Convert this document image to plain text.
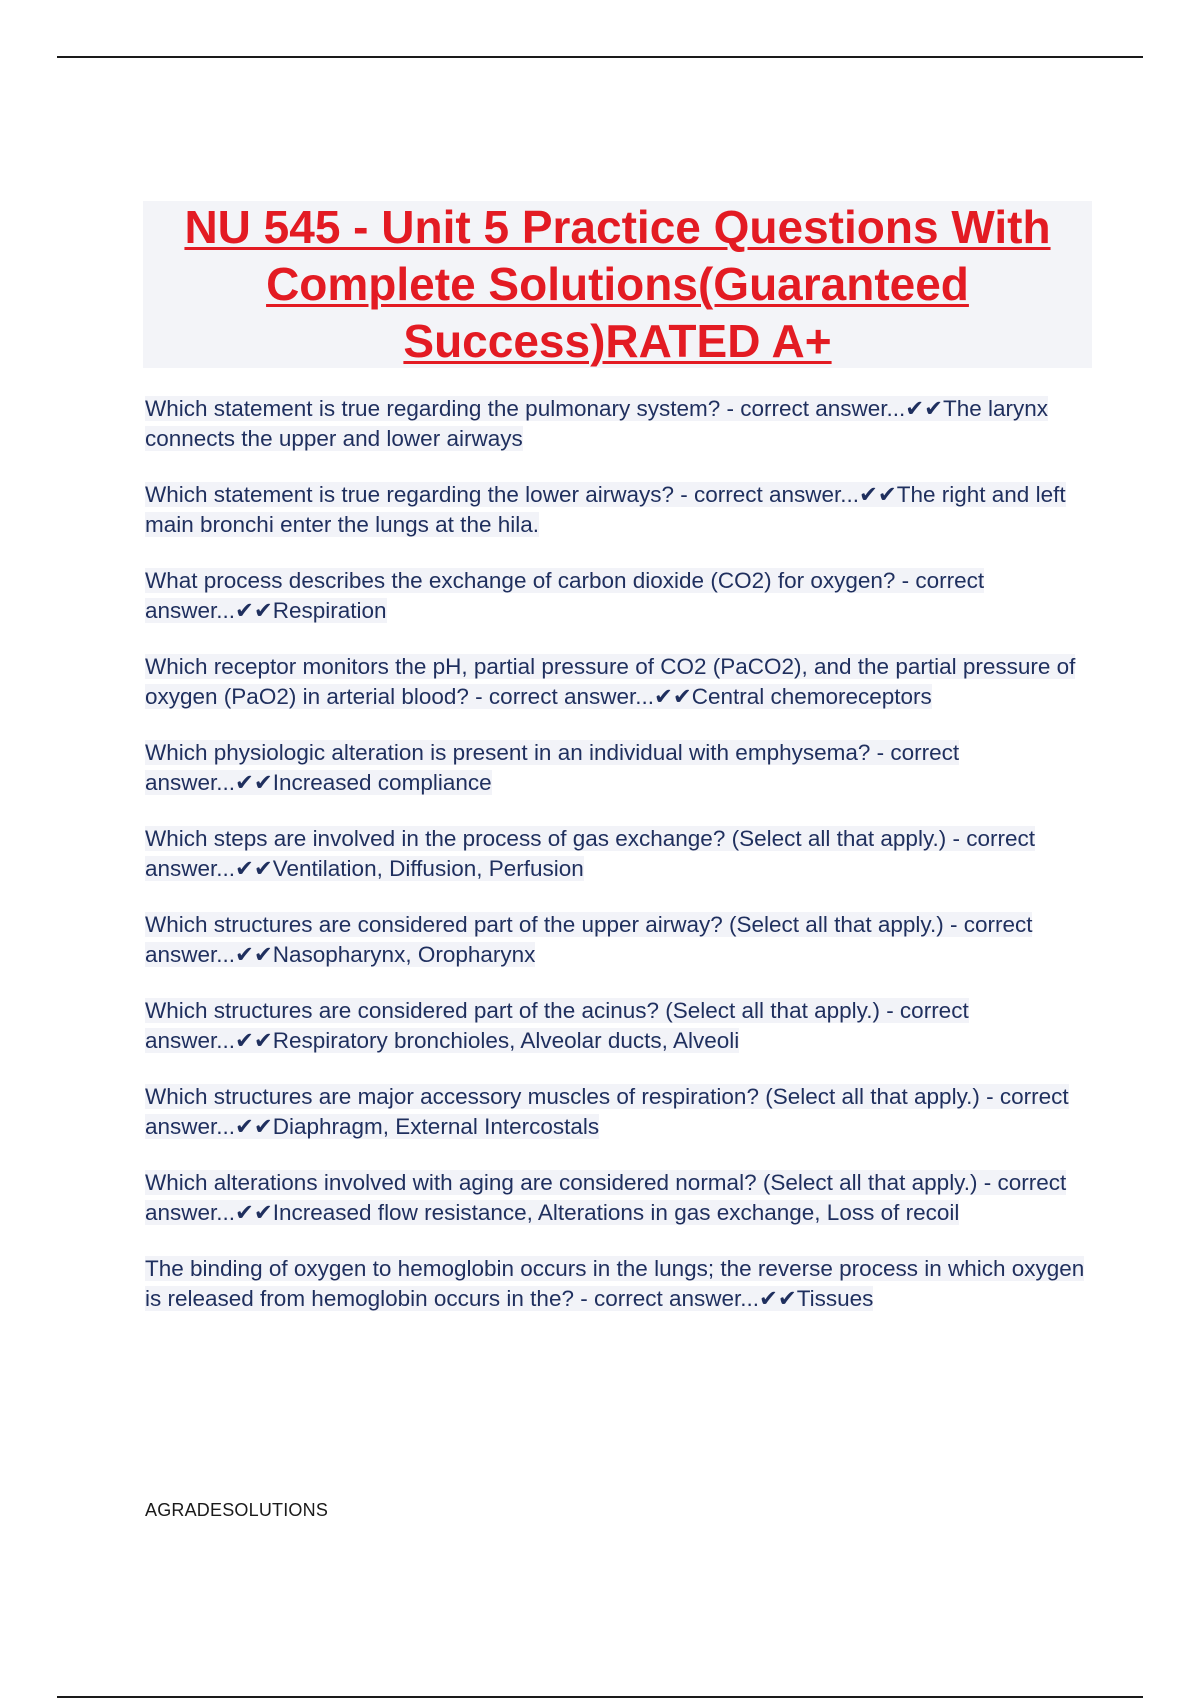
NU 545 - Unit 5 Practice Questions With Complete Solutions(Guaranteed Success)RATED A+

Which statement is true regarding the pulmonary system? - correct answer...✔✔The larynx connects the upper and lower airways

Which statement is true regarding the lower airways? - correct answer...✔✔The right and left main bronchi enter the lungs at the hila.

What process describes the exchange of carbon dioxide (CO2) for oxygen? - correct answer...✔✔Respiration

Which receptor monitors the pH, partial pressure of CO2 (PaCO2), and the partial pressure of oxygen (PaO2) in arterial blood? - correct answer...✔✔Central chemoreceptors

Which physiologic alteration is present in an individual with emphysema? - correct answer...✔✔Increased compliance

Which steps are involved in the process of gas exchange? (Select all that apply.) - correct answer...✔✔Ventilation, Diffusion, Perfusion

Which structures are considered part of the upper airway? (Select all that apply.) - correct answer...✔✔Nasopharynx, Oropharynx

Which structures are considered part of the acinus? (Select all that apply.) - correct answer...✔✔Respiratory bronchioles, Alveolar ducts, Alveoli

Which structures are major accessory muscles of respiration? (Select all that apply.) - correct answer...✔✔Diaphragm, External Intercostals

Which alterations involved with aging are considered normal? (Select all that apply.) - correct answer...✔✔Increased flow resistance, Alterations in gas exchange, Loss of recoil

The binding of oxygen to hemoglobin occurs in the lungs; the reverse process in which oxygen is released from hemoglobin occurs in the? - correct answer...✔✔Tissues

AGRADESOLUTIONS
